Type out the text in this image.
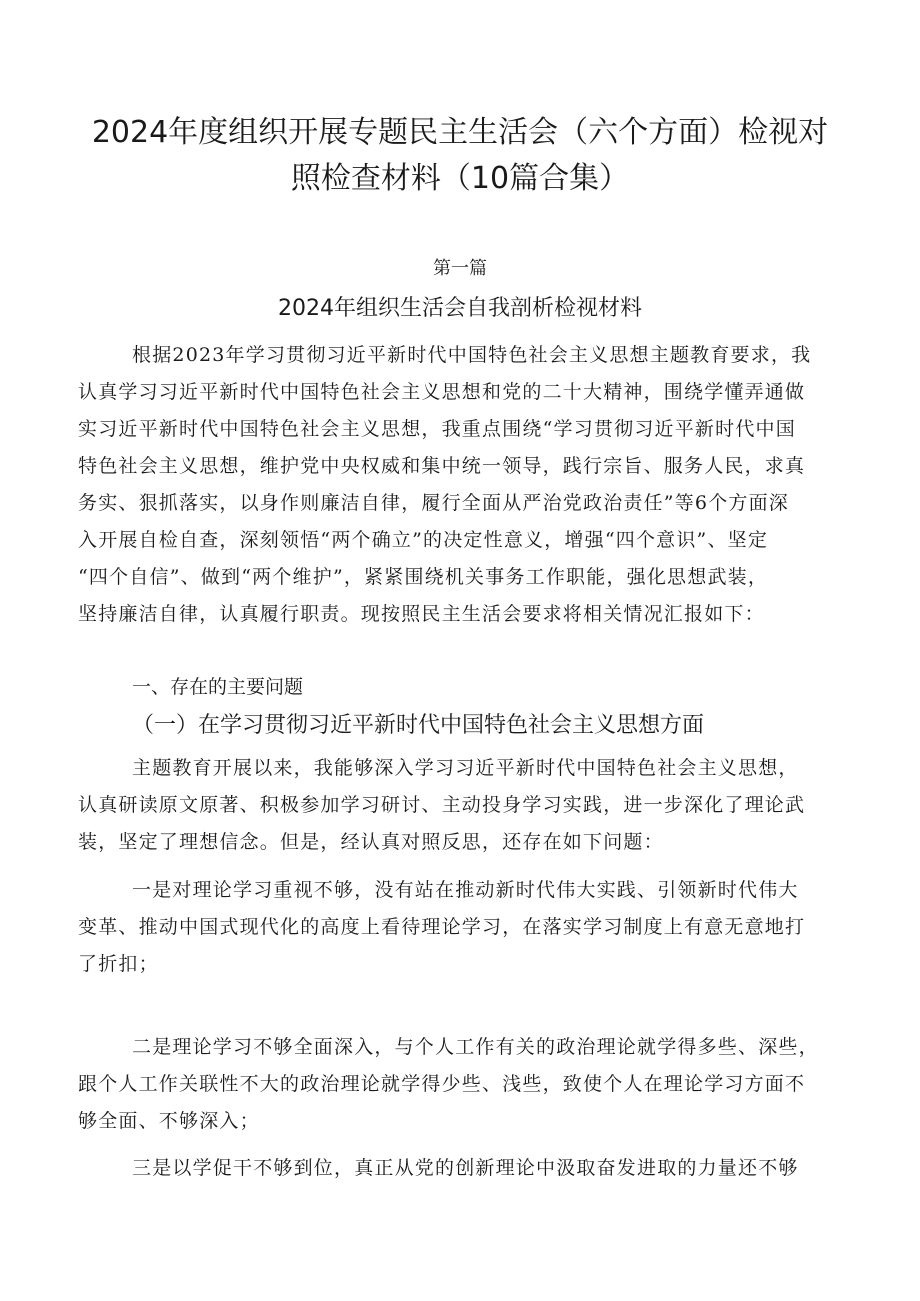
2024年度组织开展专题民主生活会（六个方面）检视对
照检查材料（10篇合集）
第一篇
2024年组织生活会自我剖析检视材料
根据2023年学习贯彻习近平新时代中国特色社会主义思想主题教育要求，我
认真学习习近平新时代中国特色社会主义思想和党的二十大精神，围绕学懂弄通做
实习近平新时代中国特色社会主义思想，我重点围绕“学习贯彻习近平新时代中国
特色社会主义思想，维护党中央权威和集中统一领导，践行宗旨、服务人民，求真
务实、狠抓落实，以身作则廉洁自律，履行全面从严治党政治责任”等6个方面深
入开展自检自查，深刻领悟“两个确立”的决定性意义，增强“四个意识”、坚定
“四个自信”、做到“两个维护”，紧紧围绕机关事务工作职能，强化思想武装，
坚持廉洁自律，认真履行职责。现按照民主生活会要求将相关情况汇报如下：
一、存在的主要问题
（一）在学习贯彻习近平新时代中国特色社会主义思想方面
主题教育开展以来，我能够深入学习习近平新时代中国特色社会主义思想，
认真研读原文原著、积极参加学习研讨、主动投身学习实践，进一步深化了理论武
装，坚定了理想信念。但是，经认真对照反思，还存在如下问题：
一是对理论学习重视不够，没有站在推动新时代伟大实践、引领新时代伟大
变革、推动中国式现代化的高度上看待理论学习，在落实学习制度上有意无意地打
了折扣；
二是理论学习不够全面深入，与个人工作有关的政治理论就学得多些、深些，
跟个人工作关联性不大的政治理论就学得少些、浅些，致使个人在理论学习方面不
够全面、不够深入；
三是以学促干不够到位，真正从党的创新理论中汲取奋发进取的力量还不够
